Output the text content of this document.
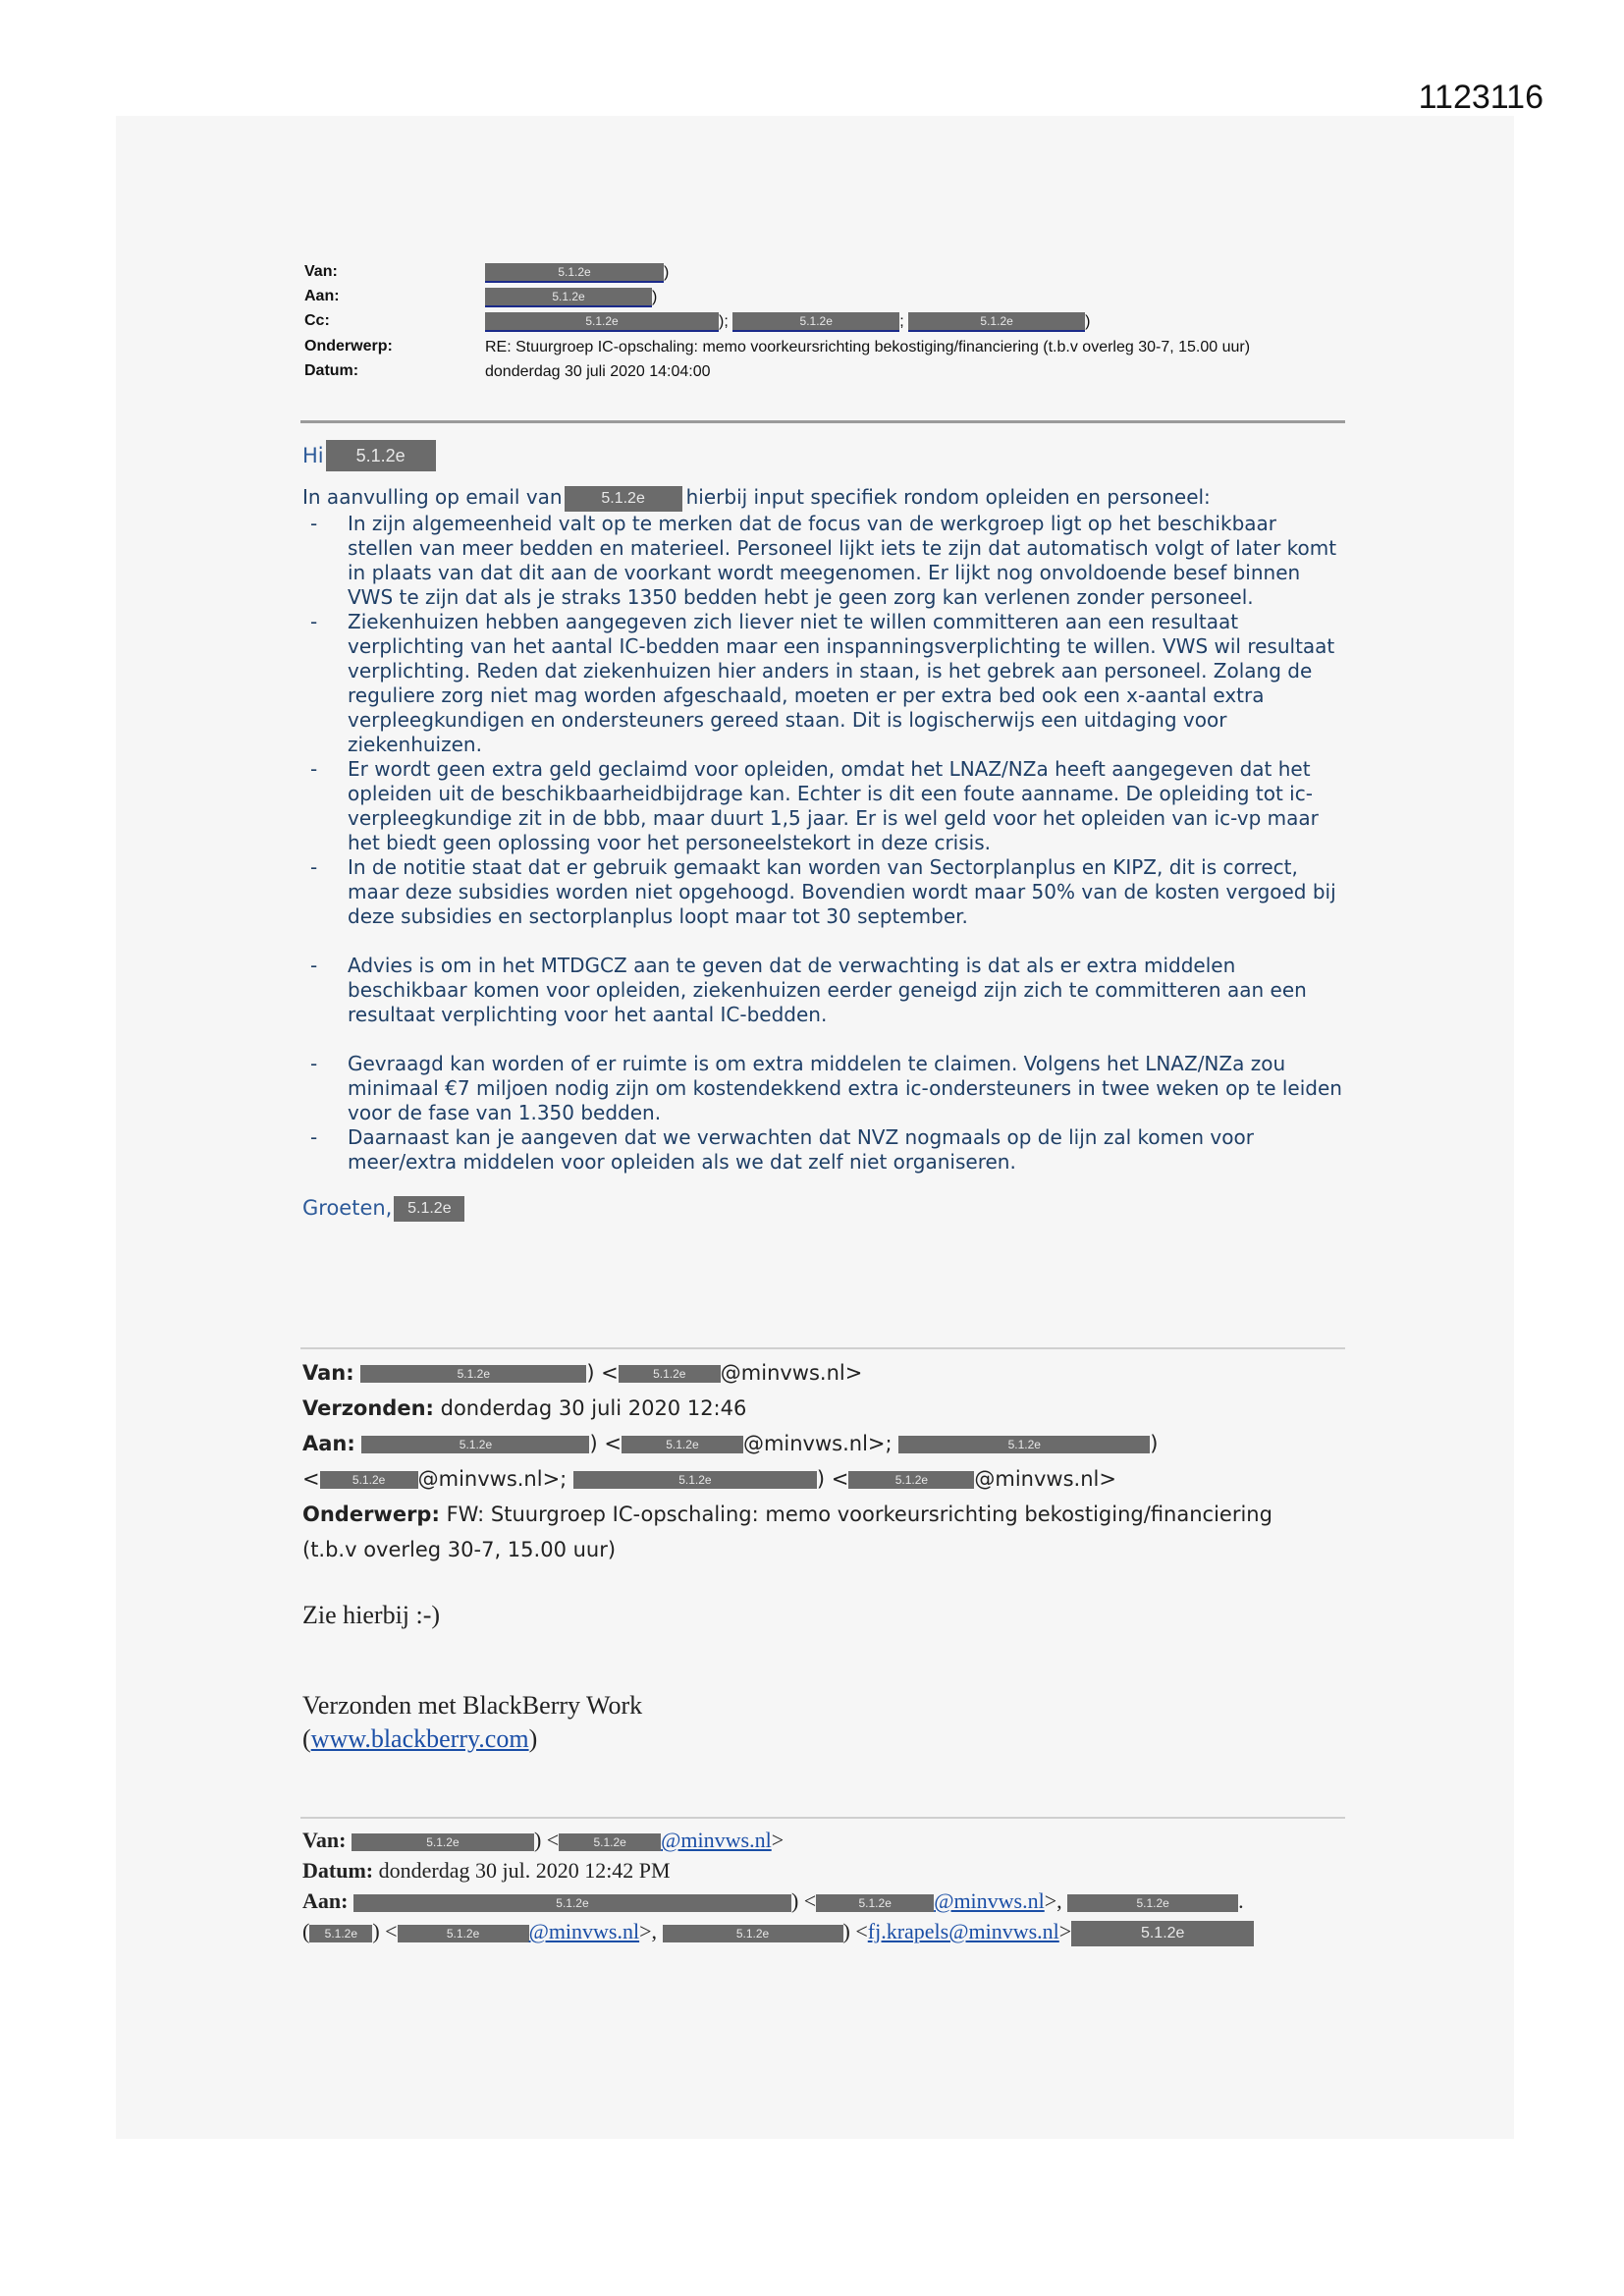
1123116
Van:	5.1.2e	)
Aan:	5.1.2e	)
Cc:	5.1.2e	);	5.1.2e	;	5.1.2e	)
Onderwerp:	RE: Stuurgroep IC-opschaling: memo voorkeursrichting bekostiging/financiering (t.b.v overleg 30-7, 15.00 uur)
Datum:	donderdag 30 juli 2020 14:04:00
Hi	5.1.2e

In aanvulling op email van 5.1.2e hierbij input specifiek rondom opleiden en personeel:

- In zijn algemeenheid valt op te merken dat de focus van de werkgroep ligt op het beschikbaar stellen van meer bedden en materieel. Personeel lijkt iets te zijn dat automatisch volgt of later komt in plaats van dat dit aan de voorkant wordt meegenomen. Er lijkt nog onvoldoende besef binnen VWS te zijn dat als je straks 1350 bedden hebt je geen zorg kan verlenen zonder personeel.
- Ziekenhuizen hebben aangegeven zich liever niet te willen committeren aan een resultaat verplichting van het aantal IC-bedden maar een inspanningsverplichting te willen. VWS wil resultaat verplichting. Reden dat ziekenhuizen hier anders in staan, is het gebrek aan personeel. Zolang de reguliere zorg niet mag worden afgeschaald, moeten er per extra bed ook een x-aantal extra verpleegkundigen en ondersteuners gereed staan. Dit is logischerwijs een uitdaging voor ziekenhuizen.
- Er wordt geen extra geld geclaimd voor opleiden, omdat het LNAZ/NZa heeft aangegeven dat het opleiden uit de beschikbaarheidbijdrage kan. Echter is dit een foute aanname. De opleiding tot ic-verpleegkundige zit in de bbb, maar duurt 1,5 jaar. Er is wel geld voor het opleiden van ic-vp maar het biedt geen oplossing voor het personeelstekort in deze crisis.
- In de notitie staat dat er gebruik gemaakt kan worden van Sectorplanplus en KIPZ, dit is correct, maar deze subsidies worden niet opgehoogd. Bovendien wordt maar 50% van de kosten vergoed bij deze subsidies en sectorplanplus loopt maar tot 30 september.
- Advies is om in het MTDGCZ aan te geven dat de verwachting is dat als er extra middelen beschikbaar komen voor opleiden, ziekenhuizen eerder geneigd zijn zich te committeren aan een resultaat verplichting voor het aantal IC-bedden.
- Gevraagd kan worden of er ruimte is om extra middelen te claimen. Volgens het LNAZ/NZa zou minimaal €7 miljoen nodig zijn om kostendekkend extra ic-ondersteuners in twee weken op te leiden voor de fase van 1.350 bedden.
- Daarnaast kan je aangeven dat we verwachten dat NVZ nogmaals op de lijn zal komen voor meer/extra middelen voor opleiden als we dat zelf niet organiseren.
Groeten, 5.1.2e
Van:	5.1.2e	) <	5.1.2e @minvws.nl>
Verzonden: donderdag 30 juli 2020 12:46
Aan:	5.1.2e	) <	5.1.2e @minvws.nl>;	5.1.2e	)
<	5.1.2e @minvws.nl>;	5.1.2e	) <	5.1.2e @minvws.nl>
Onderwerp: FW: Stuurgroep IC-opschaling: memo voorkeursrichting bekostiging/financiering
(t.b.v overleg 30-7, 15.00 uur)
Zie hierbij :-)
Verzonden met BlackBerry Work
(www.blackberry.com)
Van:	5.1.2e	) <	5.1.2e @minvws.nl>
Datum: donderdag 30 jul. 2020 12:42 PM
Aan:	5.1.2e	) <	5.1.2e @minvws.nl>,	5.1.2e	.
( 5.1.2e ) <	5.1.2e @minvws.nl>,	5.1.2e	) <fj.krapels@minvws.nl>	5.1.2e
